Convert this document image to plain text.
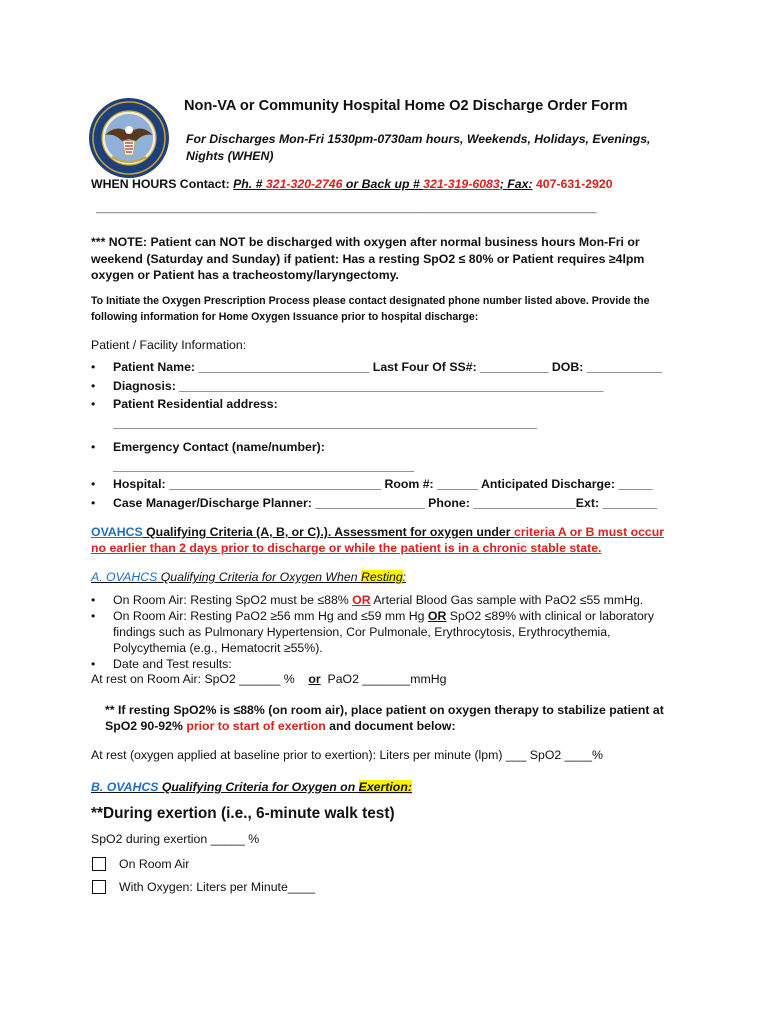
Non-VA or Community Hospital Home O2 Discharge Order Form
For Discharges Mon-Fri 1530pm-0730am hours, Weekends, Holidays, Evenings, Nights (WHEN)
WHEN HOURS Contact: Ph. # 321-320-2746 or Back up # 321-319-6083; Fax: 407-631-2920
__________________________________________________________________________________________
*** NOTE: Patient can NOT be discharged with oxygen after normal business hours Mon-Fri or weekend (Saturday and Sunday) if patient: Has a resting SpO2 ≤ 80% or Patient requires ≥4lpm oxygen or Patient has a tracheostomy/laryngectomy.
To Initiate the Oxygen Prescription Process please contact designated phone number listed above. Provide the following information for Home Oxygen Issuance prior to hospital discharge:
Patient / Facility Information:
• Patient Name: _________________________ Last Four Of SS#: __________ DOB: ___________
• Diagnosis: ______________________________________________________________
• Patient Residential address:
______________________________________________________________
• Emergency Contact (name/number):
____________________________________________
• Hospital: _______________________________ Room #: ______ Anticipated Discharge: _____
• Case Manager/Discharge Planner: ________________ Phone: _______________Ext: ________
OVAHCS Qualifying Criteria (A, B, or C).). Assessment for oxygen under criteria A or B must occur no earlier than 2 days prior to discharge or while the patient is in a chronic stable state.
A. OVAHCS Qualifying Criteria for Oxygen When Resting:
• On Room Air: Resting SpO2 must be ≤88% OR Arterial Blood Gas sample with PaO2 ≤55 mmHg.
• On Room Air: Resting PaO2 ≥56 mm Hg and ≤59 mm Hg OR SpO2 ≤89% with clinical or laboratory findings such as Pulmonary Hypertension, Cor Pulmonale, Erythrocytosis, Erythrocythemia, Polycythemia (e.g., Hematocrit ≥55%).
• Date and Test results:
At rest on Room Air: SpO2 ______ %    or  PaO2 _______mmHg
** If resting SpO2% is ≤88% (on room air), place patient on oxygen therapy to stabilize patient at SpO2 90-92% prior to start of exertion and document below:
At rest (oxygen applied at baseline prior to exertion): Liters per minute (lpm) ___ SpO2 ____%
B. OVAHCS Qualifying Criteria for Oxygen on Exertion:
**During exertion (i.e., 6-minute walk test)
SpO2 during exertion _____ %
On Room Air
With Oxygen: Liters per Minute____
